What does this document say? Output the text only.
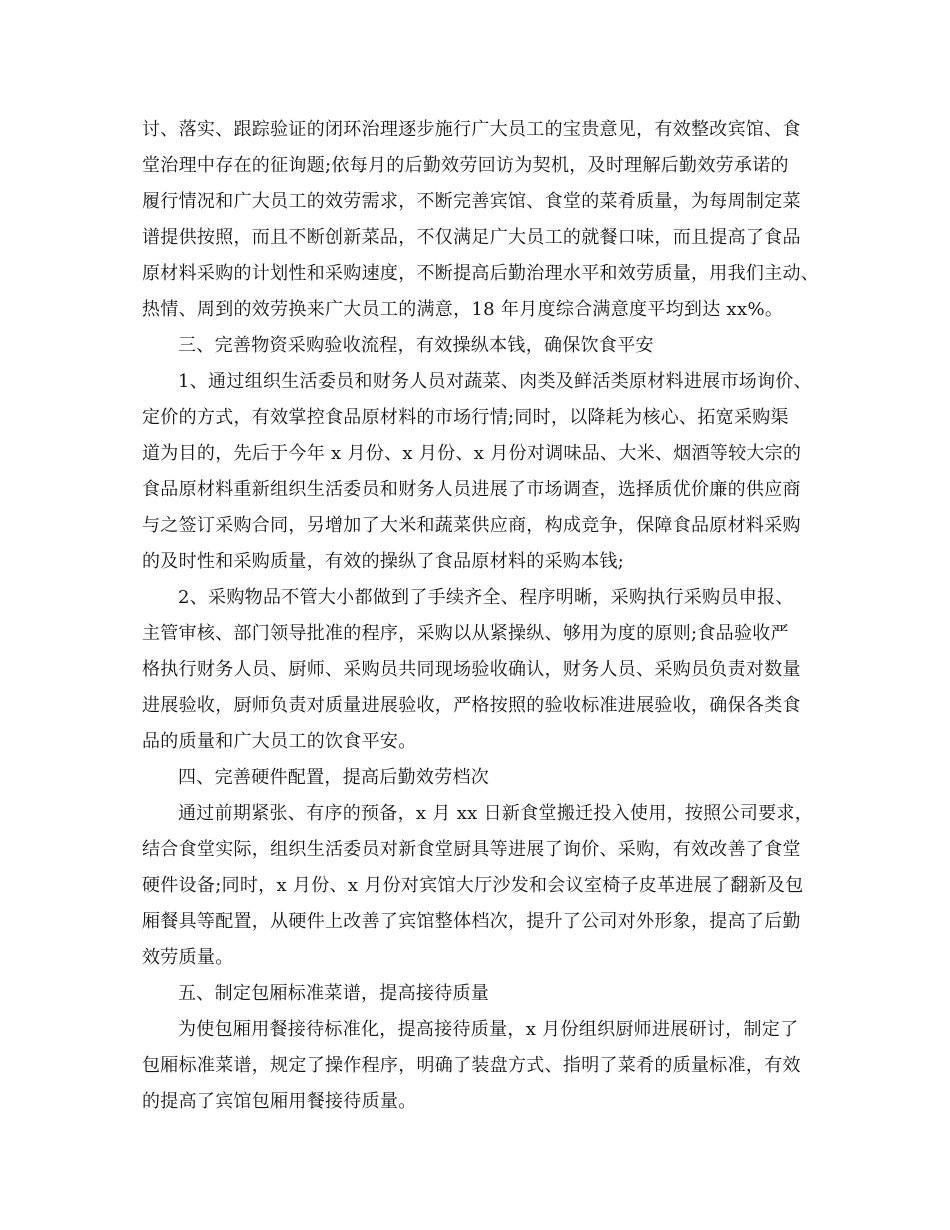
讨、落实、跟踪验证的闭环治理逐步施行广大员工的宝贵意见，有效整改宾馆、食
堂治理中存在的征询题;依每月的后勤效劳回访为契机，及时理解后勤效劳承诺的
履行情况和广大员工的效劳需求，不断完善宾馆、食堂的菜肴质量，为每周制定菜
谱提供按照，而且不断创新菜品，不仅满足广大员工的就餐口味，而且提高了食品
原材料采购的计划性和采购速度，不断提高后勤治理水平和效劳质量，用我们主动、
热情、周到的效劳换来广大员工的满意，18 年月度综合满意度平均到达 xx%。
三、完善物资采购验收流程，有效操纵本钱，确保饮食平安
1、通过组织生活委员和财务人员对蔬菜、肉类及鲜活类原材料进展市场询价、
定价的方式，有效掌控食品原材料的市场行情;同时，以降耗为核心、拓宽采购渠
道为目的，先后于今年 x 月份、x 月份、x 月份对调味品、大米、烟酒等较大宗的
食品原材料重新组织生活委员和财务人员进展了市场调查，选择质优价廉的供应商
与之签订采购合同，另增加了大米和蔬菜供应商，构成竞争，保障食品原材料采购
的及时性和采购质量，有效的操纵了食品原材料的采购本钱;
2、采购物品不管大小都做到了手续齐全、程序明晰，采购执行采购员申报、
主管审核、部门领导批准的程序，采购以从紧操纵、够用为度的原则;食品验收严
格执行财务人员、厨师、采购员共同现场验收确认，财务人员、采购员负责对数量
进展验收，厨师负责对质量进展验收，严格按照的验收标准进展验收，确保各类食
品的质量和广大员工的饮食平安。
四、完善硬件配置，提高后勤效劳档次
通过前期紧张、有序的预备，x 月 xx 日新食堂搬迁投入使用，按照公司要求，
结合食堂实际，组织生活委员对新食堂厨具等进展了询价、采购，有效改善了食堂
硬件设备;同时，x 月份、x 月份对宾馆大厅沙发和会议室椅子皮革进展了翻新及包
厢餐具等配置，从硬件上改善了宾馆整体档次，提升了公司对外形象，提高了后勤
效劳质量。
五、制定包厢标准菜谱，提高接待质量
为使包厢用餐接待标准化，提高接待质量，x 月份组织厨师进展研讨，制定了
包厢标准菜谱，规定了操作程序，明确了装盘方式、指明了菜肴的质量标准，有效
的提高了宾馆包厢用餐接待质量。
